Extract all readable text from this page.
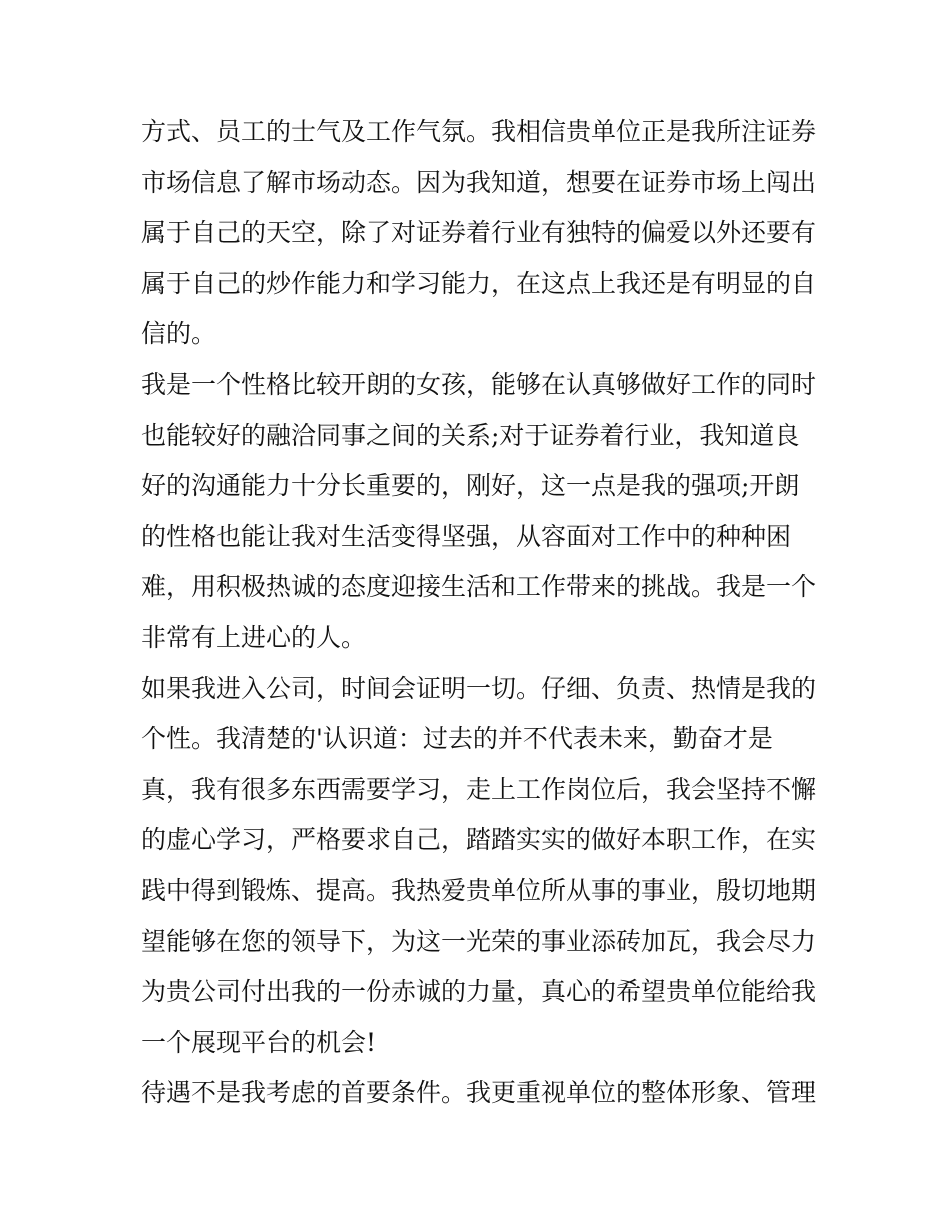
方式、员工的士气及工作气氛。我相信贵单位正是我所注证券
市场信息了解市场动态。因为我知道，想要在证券市场上闯出
属于自己的天空，除了对证券着行业有独特的偏爱以外还要有
属于自己的炒作能力和学习能力，在这点上我还是有明显的自
信的。
我是一个性格比较开朗的女孩，能够在认真够做好工作的同时
也能较好的融洽同事之间的关系;对于证券着行业，我知道良
好的沟通能力十分长重要的，刚好，这一点是我的强项;开朗
的性格也能让我对生活变得坚强，从容面对工作中的种种困
难，用积极热诚的态度迎接生活和工作带来的挑战。我是一个
非常有上进心的人。
如果我进入公司，时间会证明一切。仔细、负责、热情是我的
个性。我清楚的'认识道：过去的并不代表未来，勤奋才是
真，我有很多东西需要学习，走上工作岗位后，我会坚持不懈
的虚心学习，严格要求自己，踏踏实实的做好本职工作，在实
践中得到锻炼、提高。我热爱贵单位所从事的事业，殷切地期
望能够在您的领导下，为这一光荣的事业添砖加瓦，我会尽力
为贵公司付出我的一份赤诚的力量，真心的希望贵单位能给我
一个展现平台的机会!
待遇不是我考虑的首要条件。我更重视单位的整体形象、管理
